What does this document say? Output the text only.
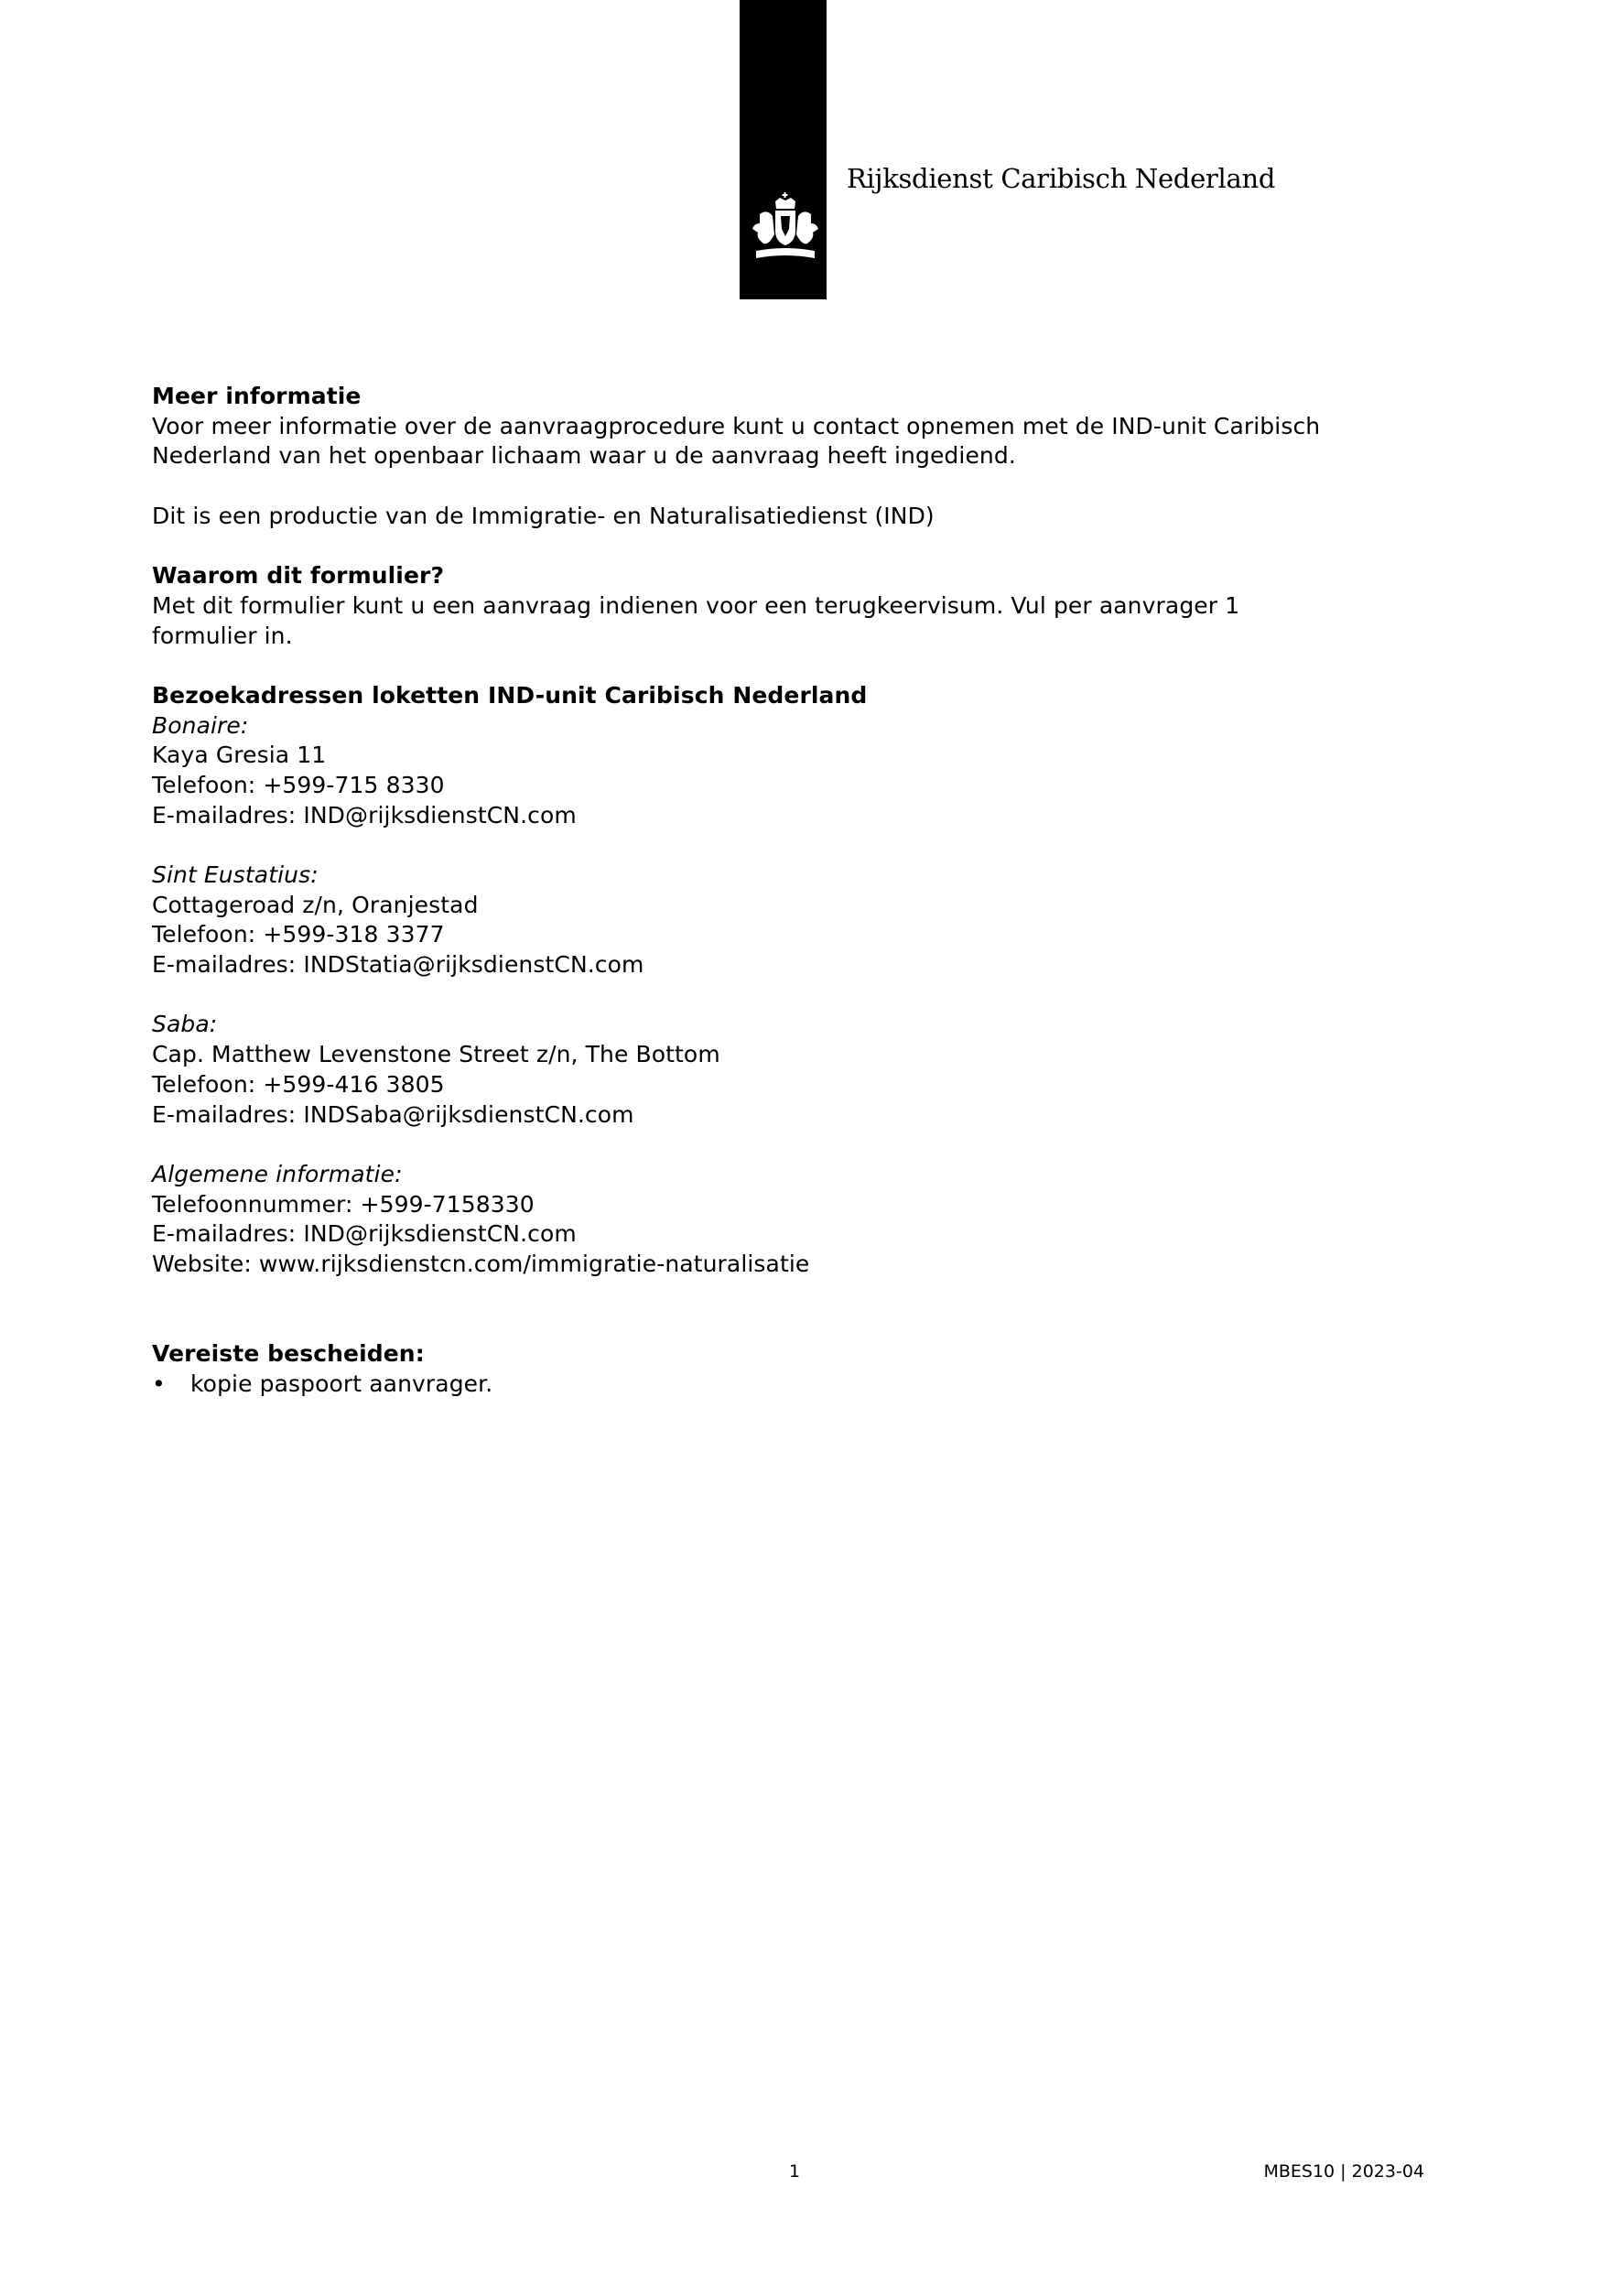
Rijksdienst Caribisch Nederland
Meer informatie
Voor meer informatie over de aanvraagprocedure kunt u contact opnemen met de IND-unit Caribisch
Nederland van het openbaar lichaam waar u de aanvraag heeft ingediend.
Dit is een productie van de Immigratie- en Naturalisatiedienst (IND)
Waarom dit formulier?
Met dit formulier kunt u een aanvraag indienen voor een terugkeervisum. Vul per aanvrager 1
formulier in.
Bezoekadressen loketten IND-unit Caribisch Nederland
Bonaire:
Kaya Gresia 11
Telefoon: +599-715 8330
E-mailadres: IND@rijksdienstCN.com
Sint Eustatius:
Cottageroad z/n, Oranjestad
Telefoon: +599-318 3377
E-mailadres: INDStatia@rijksdienstCN.com
Saba:
Cap. Matthew Levenstone Street z/n, The Bottom
Telefoon: +599-416 3805
E-mailadres: INDSaba@rijksdienstCN.com
Algemene informatie:
Telefoonnummer: +599-7158330
E-mailadres: IND@rijksdienstCN.com
Website: www.rijksdienstcn.com/immigratie-naturalisatie
Vereiste bescheiden:
• kopie paspoort aanvrager.
1	MBES10 | 2023-04
